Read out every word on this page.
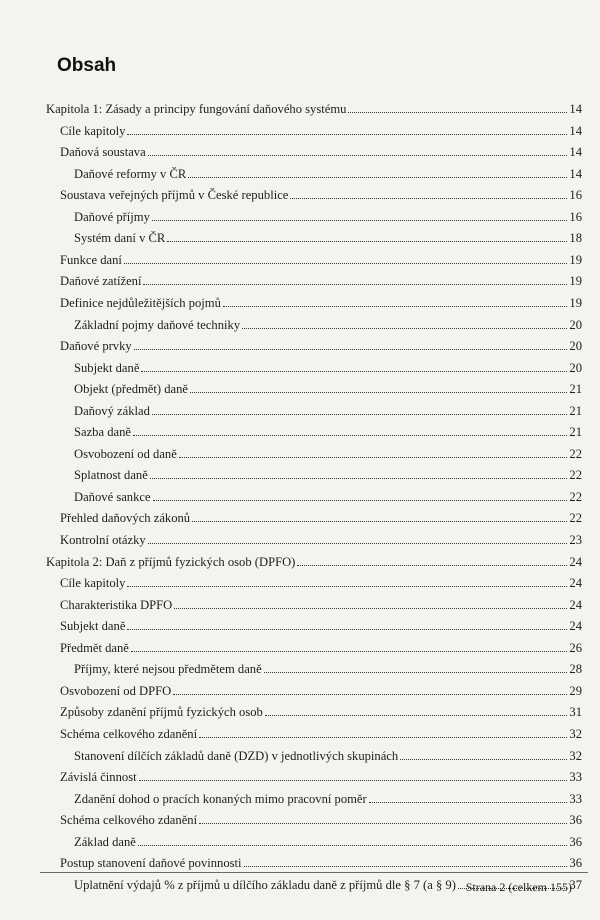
Obsah
Kapitola 1: Zásady a principy fungování daňového systému	14
Cíle kapitoly	14
Daňová soustava	14
Daňové reformy v ČR	14
Soustava veřejných příjmů v České republice	16
Daňové příjmy	16
Systém daní v ČR	18
Funkce daní	19
Daňové zatížení	19
Definice nejdůležitějších pojmů	19
Základní pojmy daňové techniky	20
Daňové prvky	20
Subjekt daně	20
Objekt (předmět) daně	21
Daňový základ	21
Sazba daně	21
Osvobození od daně	22
Splatnost daně	22
Daňové sankce	22
Přehled daňových zákonů	22
Kontrolní otázky	23
Kapitola 2: Daň z příjmů fyzických osob (DPFO)	24
Cíle kapitoly	24
Charakteristika DPFO	24
Subjekt daně	24
Předmět daně	26
Příjmy, které nejsou předmětem daně	28
Osvobození od DPFO	29
Způsoby zdanění příjmů fyzických osob	31
Schéma celkového zdanění	32
Stanovení dílčích základů daně (DZD) v jednotlivých skupinách	32
Závislá činnost	33
Zdanění dohod o pracích konaných mimo pracovní poměr	33
Schéma celkového zdanění	36
Základ daně	36
Postup stanovení daňové povinnosti	36
Uplatnění výdajů % z příjmů u dílčího základu daně z příjmů dle § 7 (a § 9)	37
Strana 2 (celkem 155)
